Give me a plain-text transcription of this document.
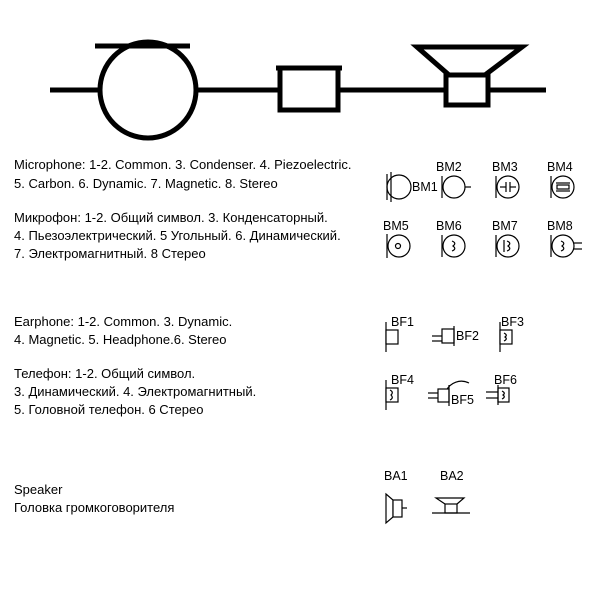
Microphone: 1-2. Common. 3. Condenser. 4. Piezoelectric.
5. Carbon. 6. Dynamic. 7. Magnetic. 8. Stereo
Микрофон: 1-2. Общий символ. 3. Конденсаторный.
4. Пьезоэлектрический. 5 Угольный. 6. Динамический.
7. Электромагнитный. 8 Стерео
BM1
BM2 BM3 BM4
BM5 BM6 BM7 BM8
Earphone: 1-2. Common. 3. Dynamic.
4. Magnetic. 5. Headphone.6. Stereo
Телефон: 1-2. Общий символ.
3. Динамический. 4. Электромагнитный.
5. Головной телефон. 6 Стерео
BF1
BF2
BF3
BF4
BF5
BF6
Speaker
Головка громкоговорителя
BA1	BA2
